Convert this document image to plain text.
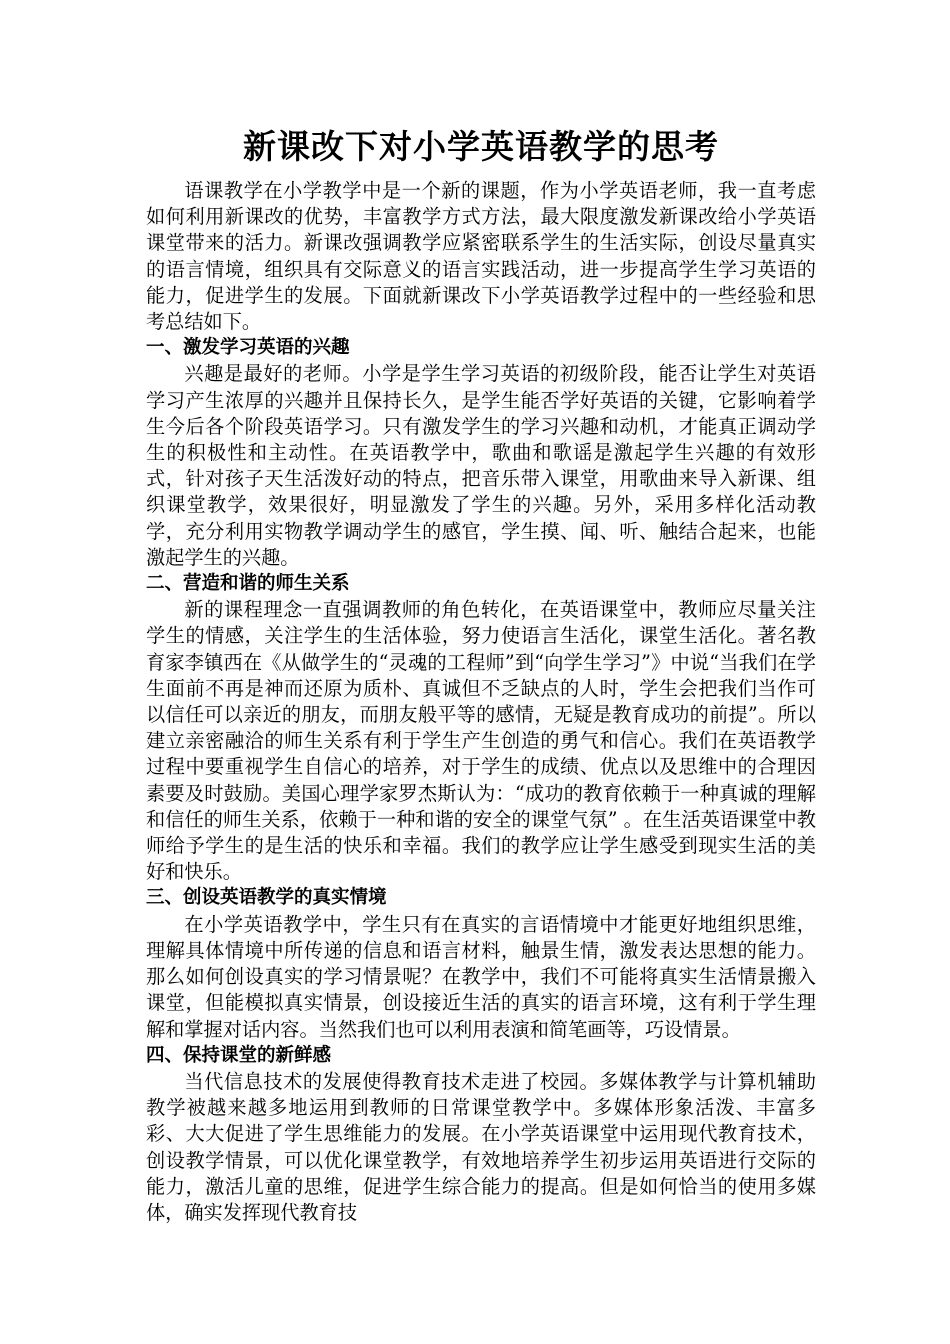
新课改下对小学英语教学的思考

语课教学在小学教学中是一个新的课题，作为小学英语老师，我一直考虑如何利用新课改的优势，丰富教学方式方法，最大限度激发新课改给小学英语课堂带来的活力。新课改强调教学应紧密联系学生的生活实际，创设尽量真实的语言情境，组织具有交际意义的语言实践活动，进一步提高学生学习英语的能力，促进学生的发展。下面就新课改下小学英语教学过程中的一些经验和思考总结如下。

一、激发学习英语的兴趣

兴趣是最好的老师。小学是学生学习英语的初级阶段，能否让学生对英语学习产生浓厚的兴趣并且保持长久，是学生能否学好英语的关键，它影响着学生今后各个阶段英语学习。只有激发学生的学习兴趣和动机，才能真正调动学生的积极性和主动性。在英语教学中，歌曲和歌谣是激起学生兴趣的有效形式，针对孩子天生活泼好动的特点，把音乐带入课堂，用歌曲来导入新课、组织课堂教学，效果很好，明显激发了学生的兴趣。另外，采用多样化活动教学，充分利用实物教学调动学生的感官，学生摸、闻、听、触结合起来，也能激起学生的兴趣。

二、营造和谐的师生关系

新的课程理念一直强调教师的角色转化，在英语课堂中，教师应尽量关注学生的情感，关注学生的生活体验，努力使语言生活化，课堂生活化。著名教育家李镇西在《从做学生的“灵魂的工程师”到“向学生学习”》中说“当我们在学生面前不再是神而还原为质朴、真诚但不乏缺点的人时，学生会把我们当作可以信任可以亲近的朋友，而朋友般平等的感情，无疑是教育成功的前提”。所以建立亲密融洽的师生关系有利于学生产生创造的勇气和信心。我们在英语教学过程中要重视学生自信心的培养，对于学生的成绩、优点以及思维中的合理因素要及时鼓励。美国心理学家罗杰斯认为：“成功的教育依赖于一种真诚的理解和信任的师生关系，依赖于一种和谐的安全的课堂气氛” 。在生活英语课堂中教师给予学生的是生活的快乐和幸福。我们的教学应让学生感受到现实生活的美好和快乐。

三、创设英语教学的真实情境

在小学英语教学中，学生只有在真实的言语情境中才能更好地组织思维，理解具体情境中所传递的信息和语言材料，触景生情，激发表达思想的能力。那么如何创设真实的学习情景呢？在教学中，我们不可能将真实生活情景搬入课堂，但能模拟真实情景，创设接近生活的真实的语言环境，这有利于学生理解和掌握对话内容。当然我们也可以利用表演和简笔画等，巧设情景。

四、保持课堂的新鲜感

当代信息技术的发展使得教育技术走进了校园。多媒体教学与计算机辅助教学被越来越多地运用到教师的日常课堂教学中。多媒体形象活泼、丰富多彩、大大促进了学生思维能力的发展。在小学英语课堂中运用现代教育技术，创设教学情景，可以优化课堂教学，有效地培养学生初步运用英语进行交际的能力，激活儿童的思维，促进学生综合能力的提高。但是如何恰当的使用多媒体，确实发挥现代教育技
